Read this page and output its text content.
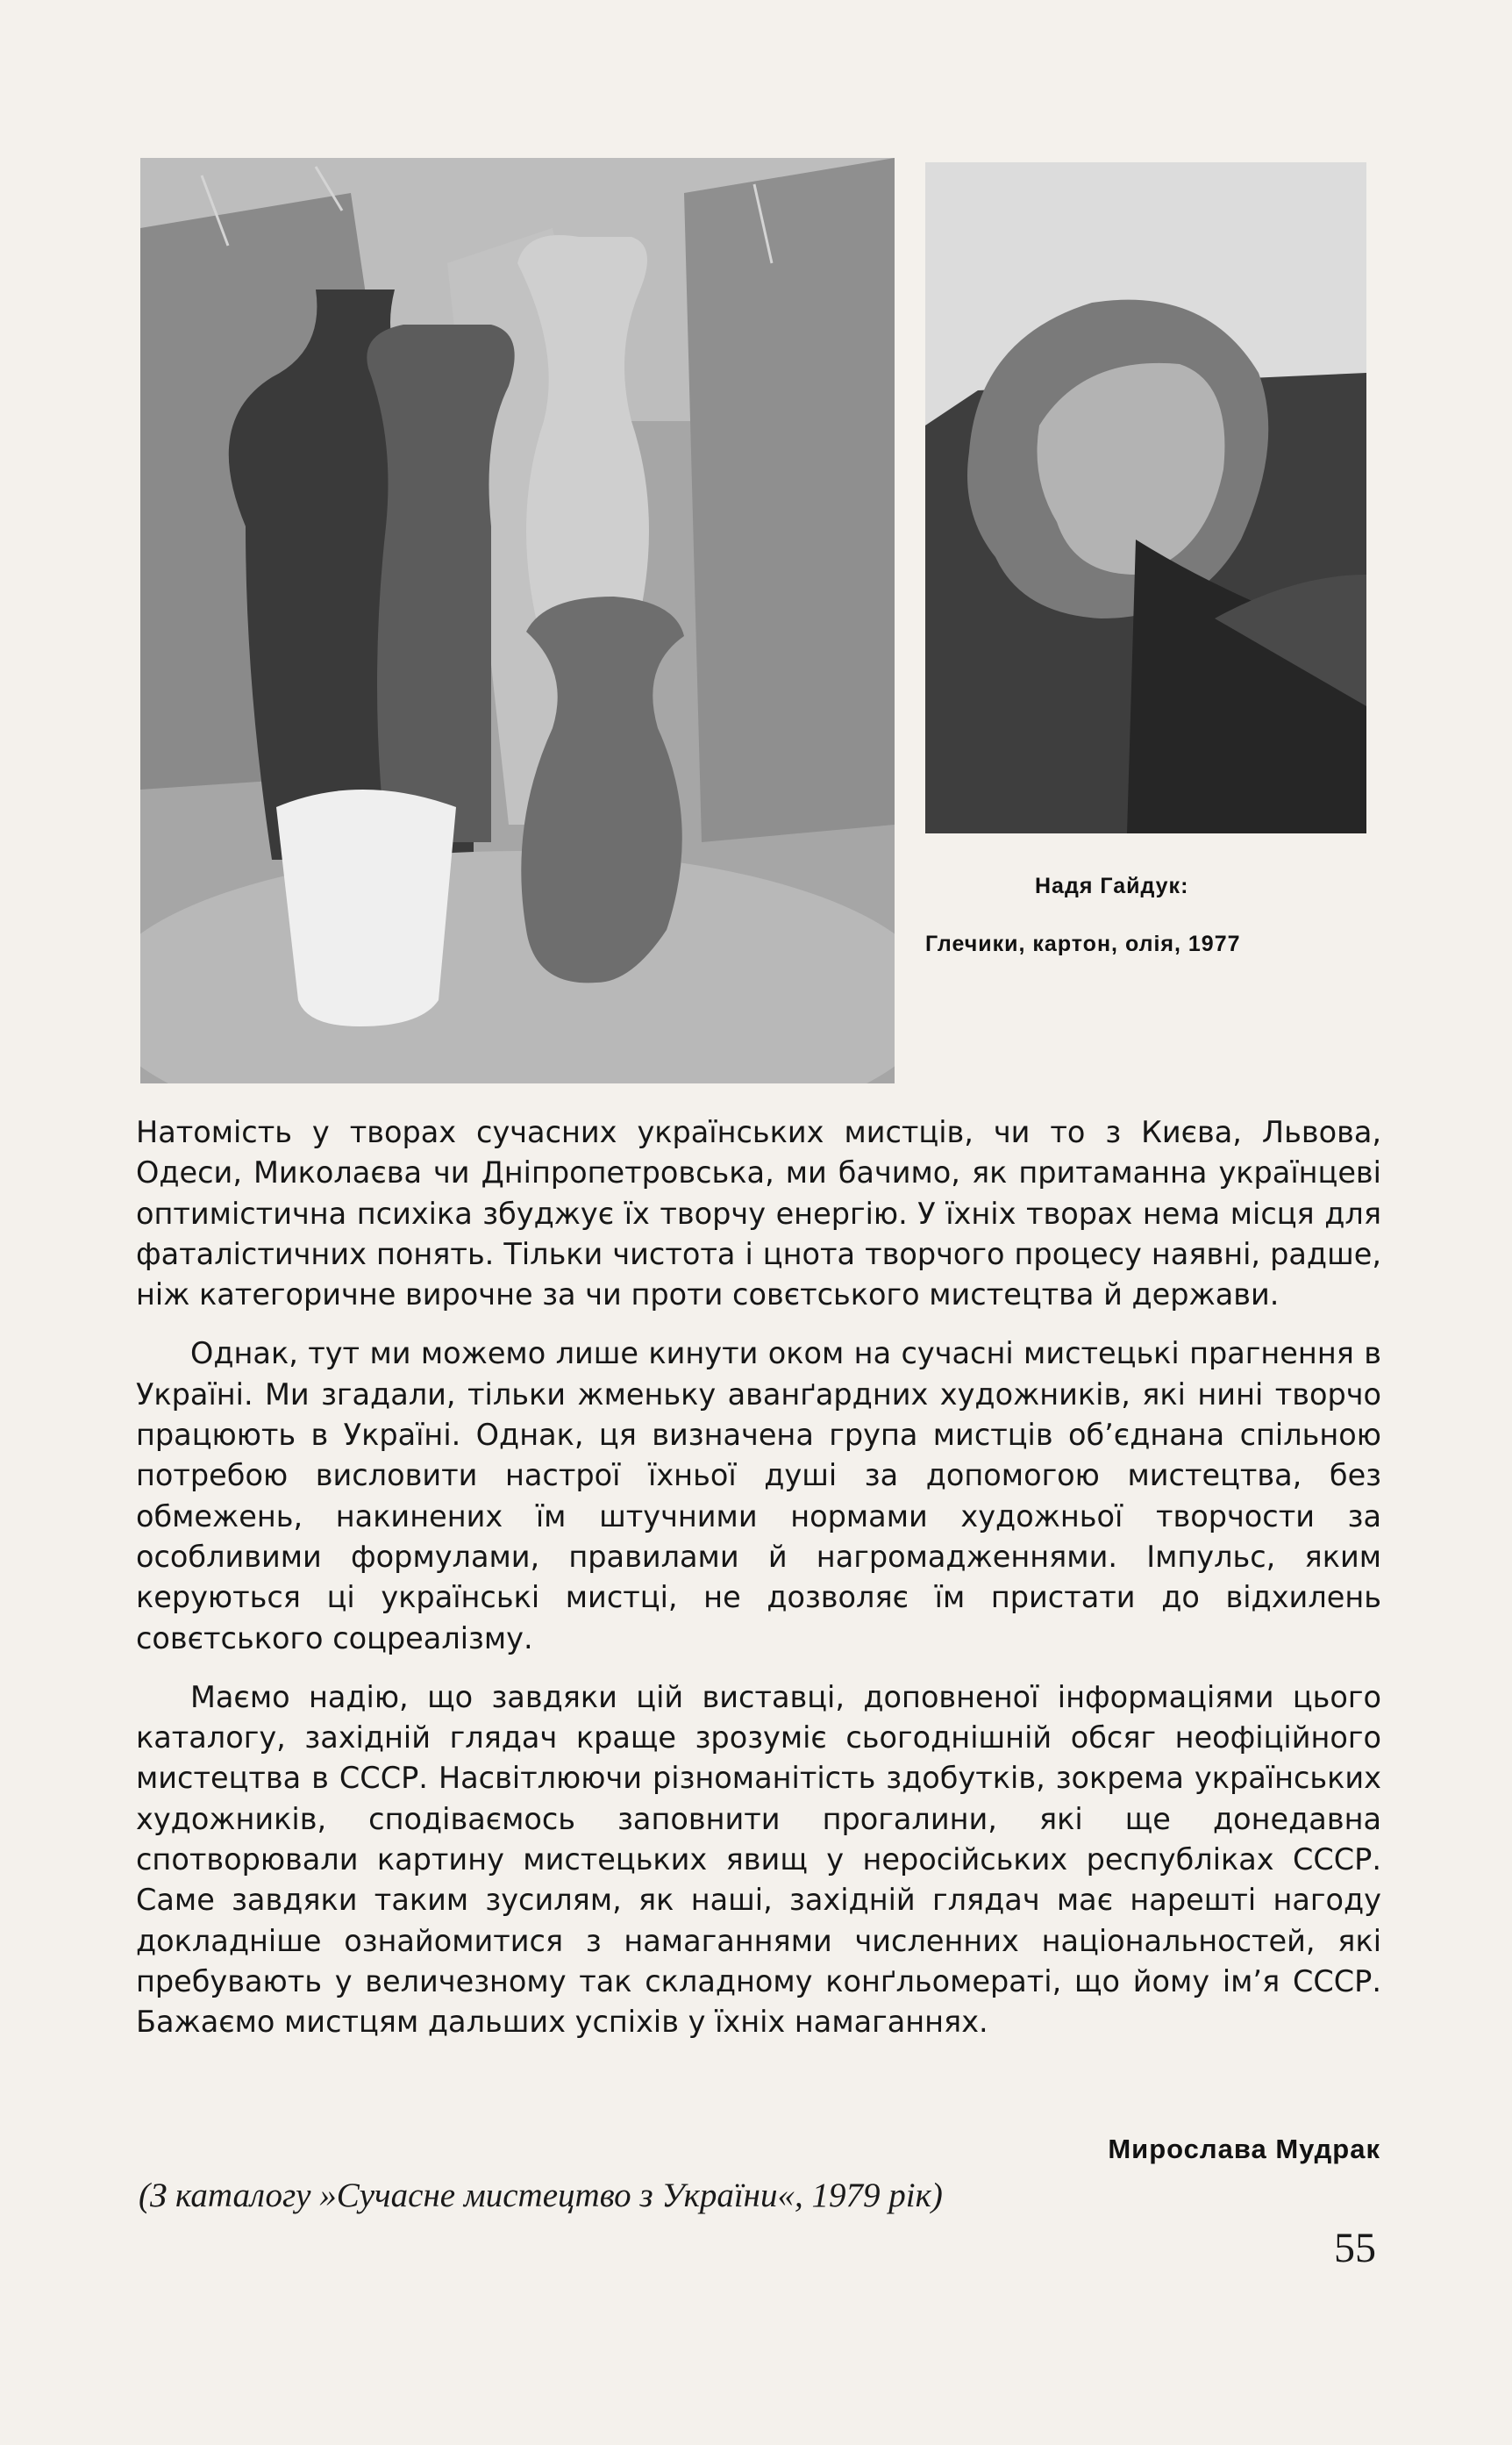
Надя Гайдук:
Глечики, картон, олія, 1977

Натомість у творах сучасних українських мистців, чи то з Києва, Львова, Одеси, Миколаєва чи Дніпропетровська, ми бачимо, як притаманна українцеві оптимістична психіка збуджує їх творчу енергію. У їхніх творах нема місця для фаталістичних понять. Тільки чистота і цнота творчого процесу наявні, радше, ніж категоричне вирочне за чи проти совєтського мистецтва й держави.

Однак, тут ми можемо лише кинути оком на сучасні мистецькі прагнення в Україні. Ми згадали, тільки жменьку аванґардних художників, які нині творчо працюють в Україні. Однак, ця визначена група мистців об’єднана спільною потребою висловити настрої їхньої душі за допомогою мистецтва, без обмежень, накинених їм штучними нормами художньої творчости за особливими формулами, правилами й нагромадженнями. Імпульс, яким керуються ці українські мистці, не дозволяє їм пристати до відхилень совєтського соцреалізму.

Маємо надію, що завдяки цій виставці, доповненої інформаціями цього каталогу, західній глядач краще зрозуміє сьогоднішній обсяг неофіційного мистецтва в СССР. Насвітлюючи різноманітість здобутків, зокрема українських художників, сподіваємось заповнити прогалини, які ще донедавна спотворювали картину мистецьких явищ у неросійських республіках СССР. Саме завдяки таким зусилям, як наші, західній глядач має нарешті нагоду докладніше ознайомитися з намаганнями численних національностей, які пребувають у величезному так складному конґльомераті, що йому ім’я СССР. Бажаємо мистцям дальших успіхів у їхніх намаганнях.

Мирослава Мудрак
(З каталогу »Сучасне мистецтво з України«, 1979 рік)
55
